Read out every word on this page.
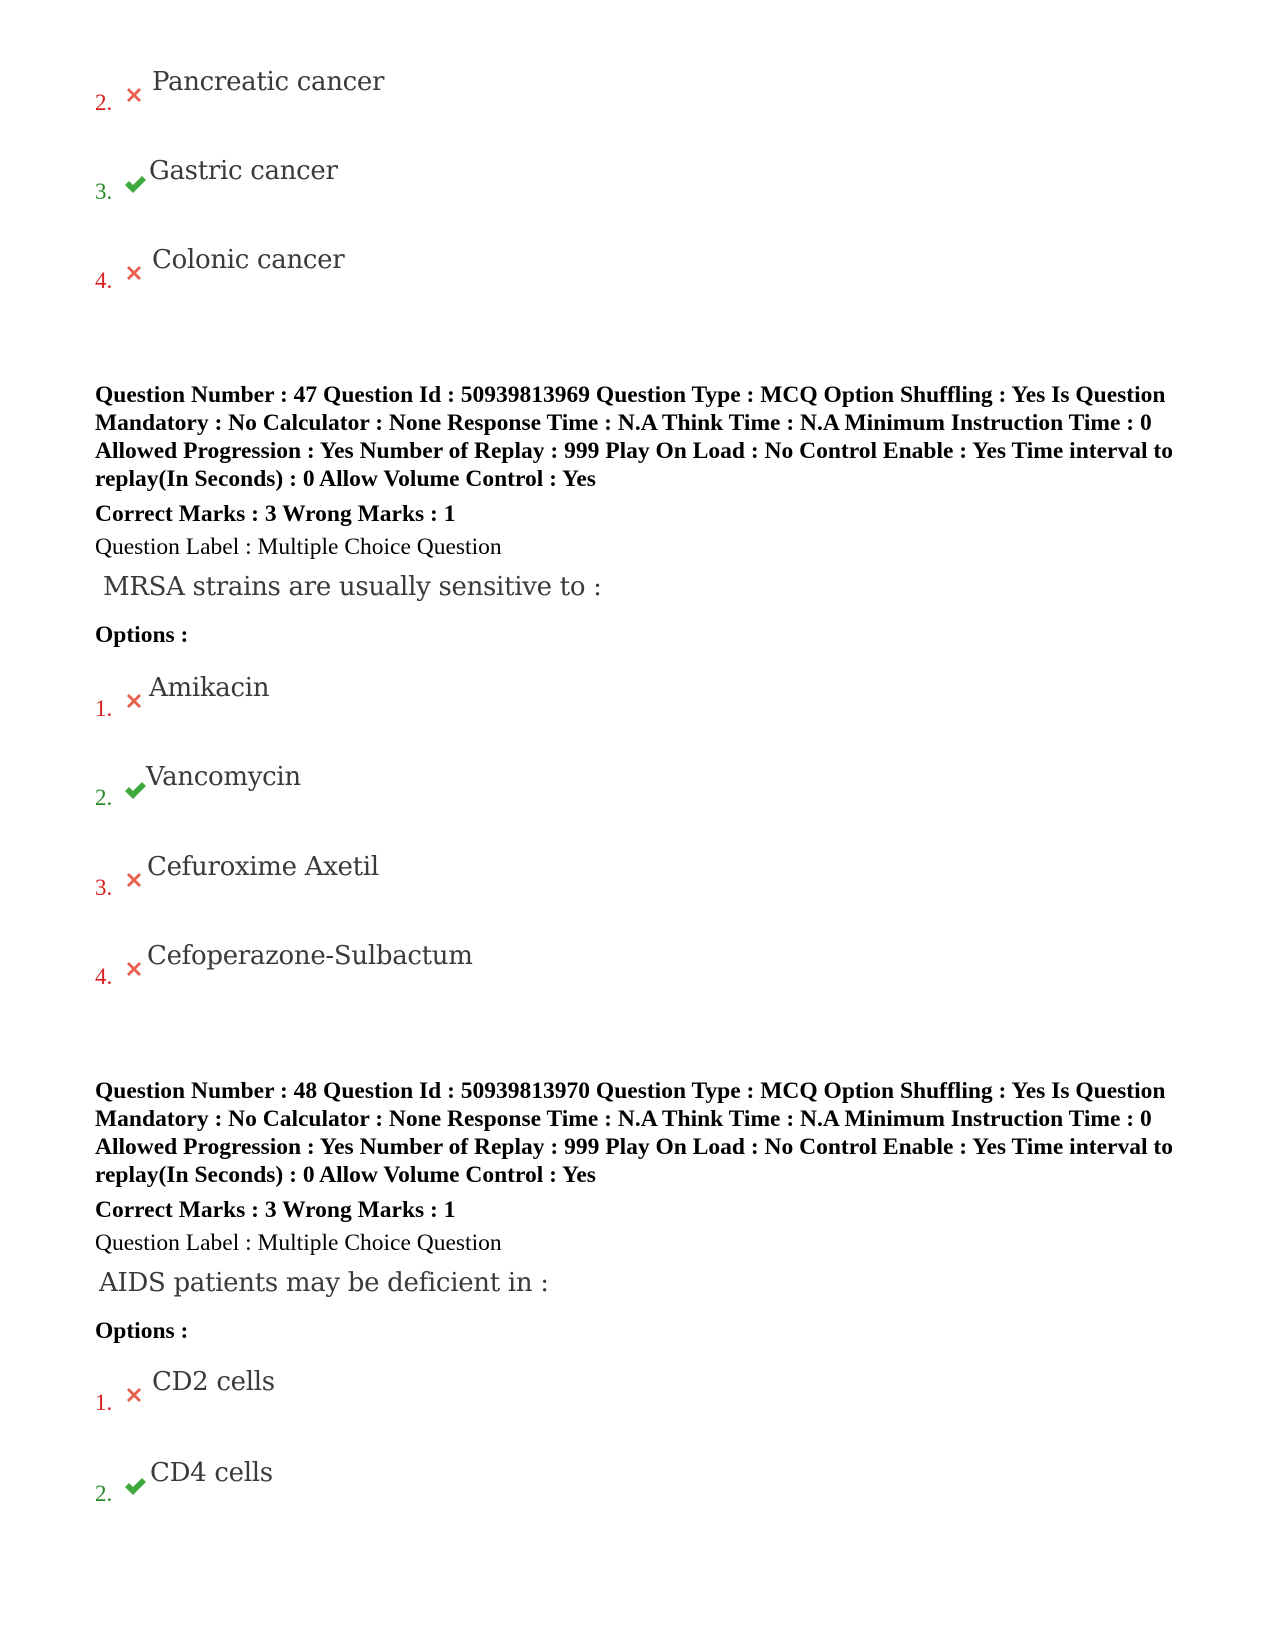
2.
Pancreatic cancer
3.
Gastric cancer
4.
Colonic cancer

Question Number : 47 Question Id : 50939813969 Question Type : MCQ Option Shuffling : Yes Is Question Mandatory : No Calculator : None Response Time : N.A Think Time : N.A Minimum Instruction Time : 0 Allowed Progression : Yes Number of Replay : 999 Play On Load : No Control Enable : Yes Time interval to replay(In Seconds) : 0 Allow Volume Control : Yes

Correct Marks : 3 Wrong Marks : 1
Question Label : Multiple Choice Question
MRSA strains are usually sensitive to :
Options :
1.
Amikacin
2.
Vancomycin
3.
Cefuroxime Axetil
4.
Cefoperazone-Sulbactum

Question Number : 48 Question Id : 50939813970 Question Type : MCQ Option Shuffling : Yes Is Question Mandatory : No Calculator : None Response Time : N.A Think Time : N.A Minimum Instruction Time : 0 Allowed Progression : Yes Number of Replay : 999 Play On Load : No Control Enable : Yes Time interval to replay(In Seconds) : 0 Allow Volume Control : Yes

Correct Marks : 3 Wrong Marks : 1
Question Label : Multiple Choice Question
AIDS patients may be deficient in :
Options :
1.
CD2 cells
2.
CD4 cells
